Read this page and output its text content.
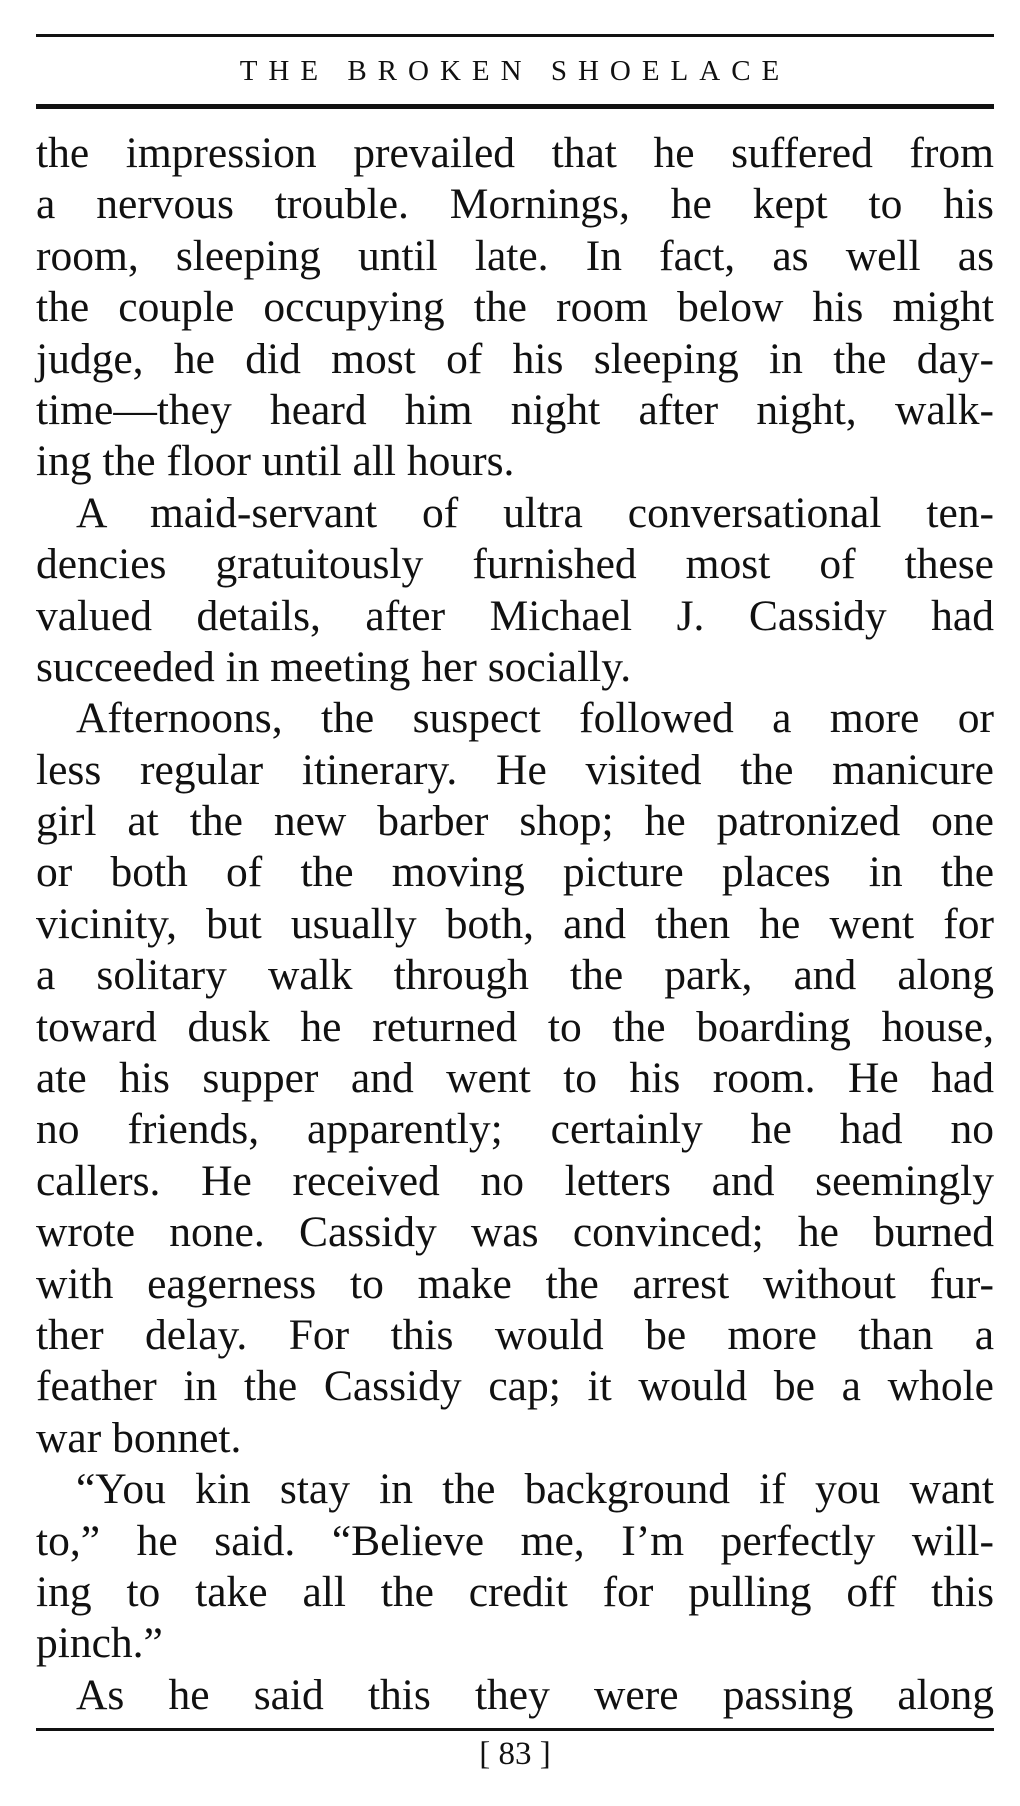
THE BROKEN SHOELACE
the impression prevailed that he suffered from
a nervous trouble. Mornings, he kept to his
room, sleeping until late. In fact, as well as
the couple occupying the room below his might
judge, he did most of his sleeping in the day-
time—they heard him night after night, walk-
ing the floor until all hours.
A maid-servant of ultra conversational ten-
dencies gratuitously furnished most of these
valued details, after Michael J. Cassidy had
succeeded in meeting her socially.
Afternoons, the suspect followed a more or
less regular itinerary. He visited the manicure
girl at the new barber shop; he patronized one
or both of the moving picture places in the
vicinity, but usually both, and then he went for
a solitary walk through the park, and along
toward dusk he returned to the boarding house,
ate his supper and went to his room. He had
no friends, apparently; certainly he had no
callers. He received no letters and seemingly
wrote none. Cassidy was convinced; he burned
with eagerness to make the arrest without fur-
ther delay. For this would be more than a
feather in the Cassidy cap; it would be a whole
war bonnet.
“You kin stay in the background if you want
to,” he said. “Believe me, I’m perfectly will-
ing to take all the credit for pulling off this
pinch.”
As he said this they were passing along
[ 83 ]
